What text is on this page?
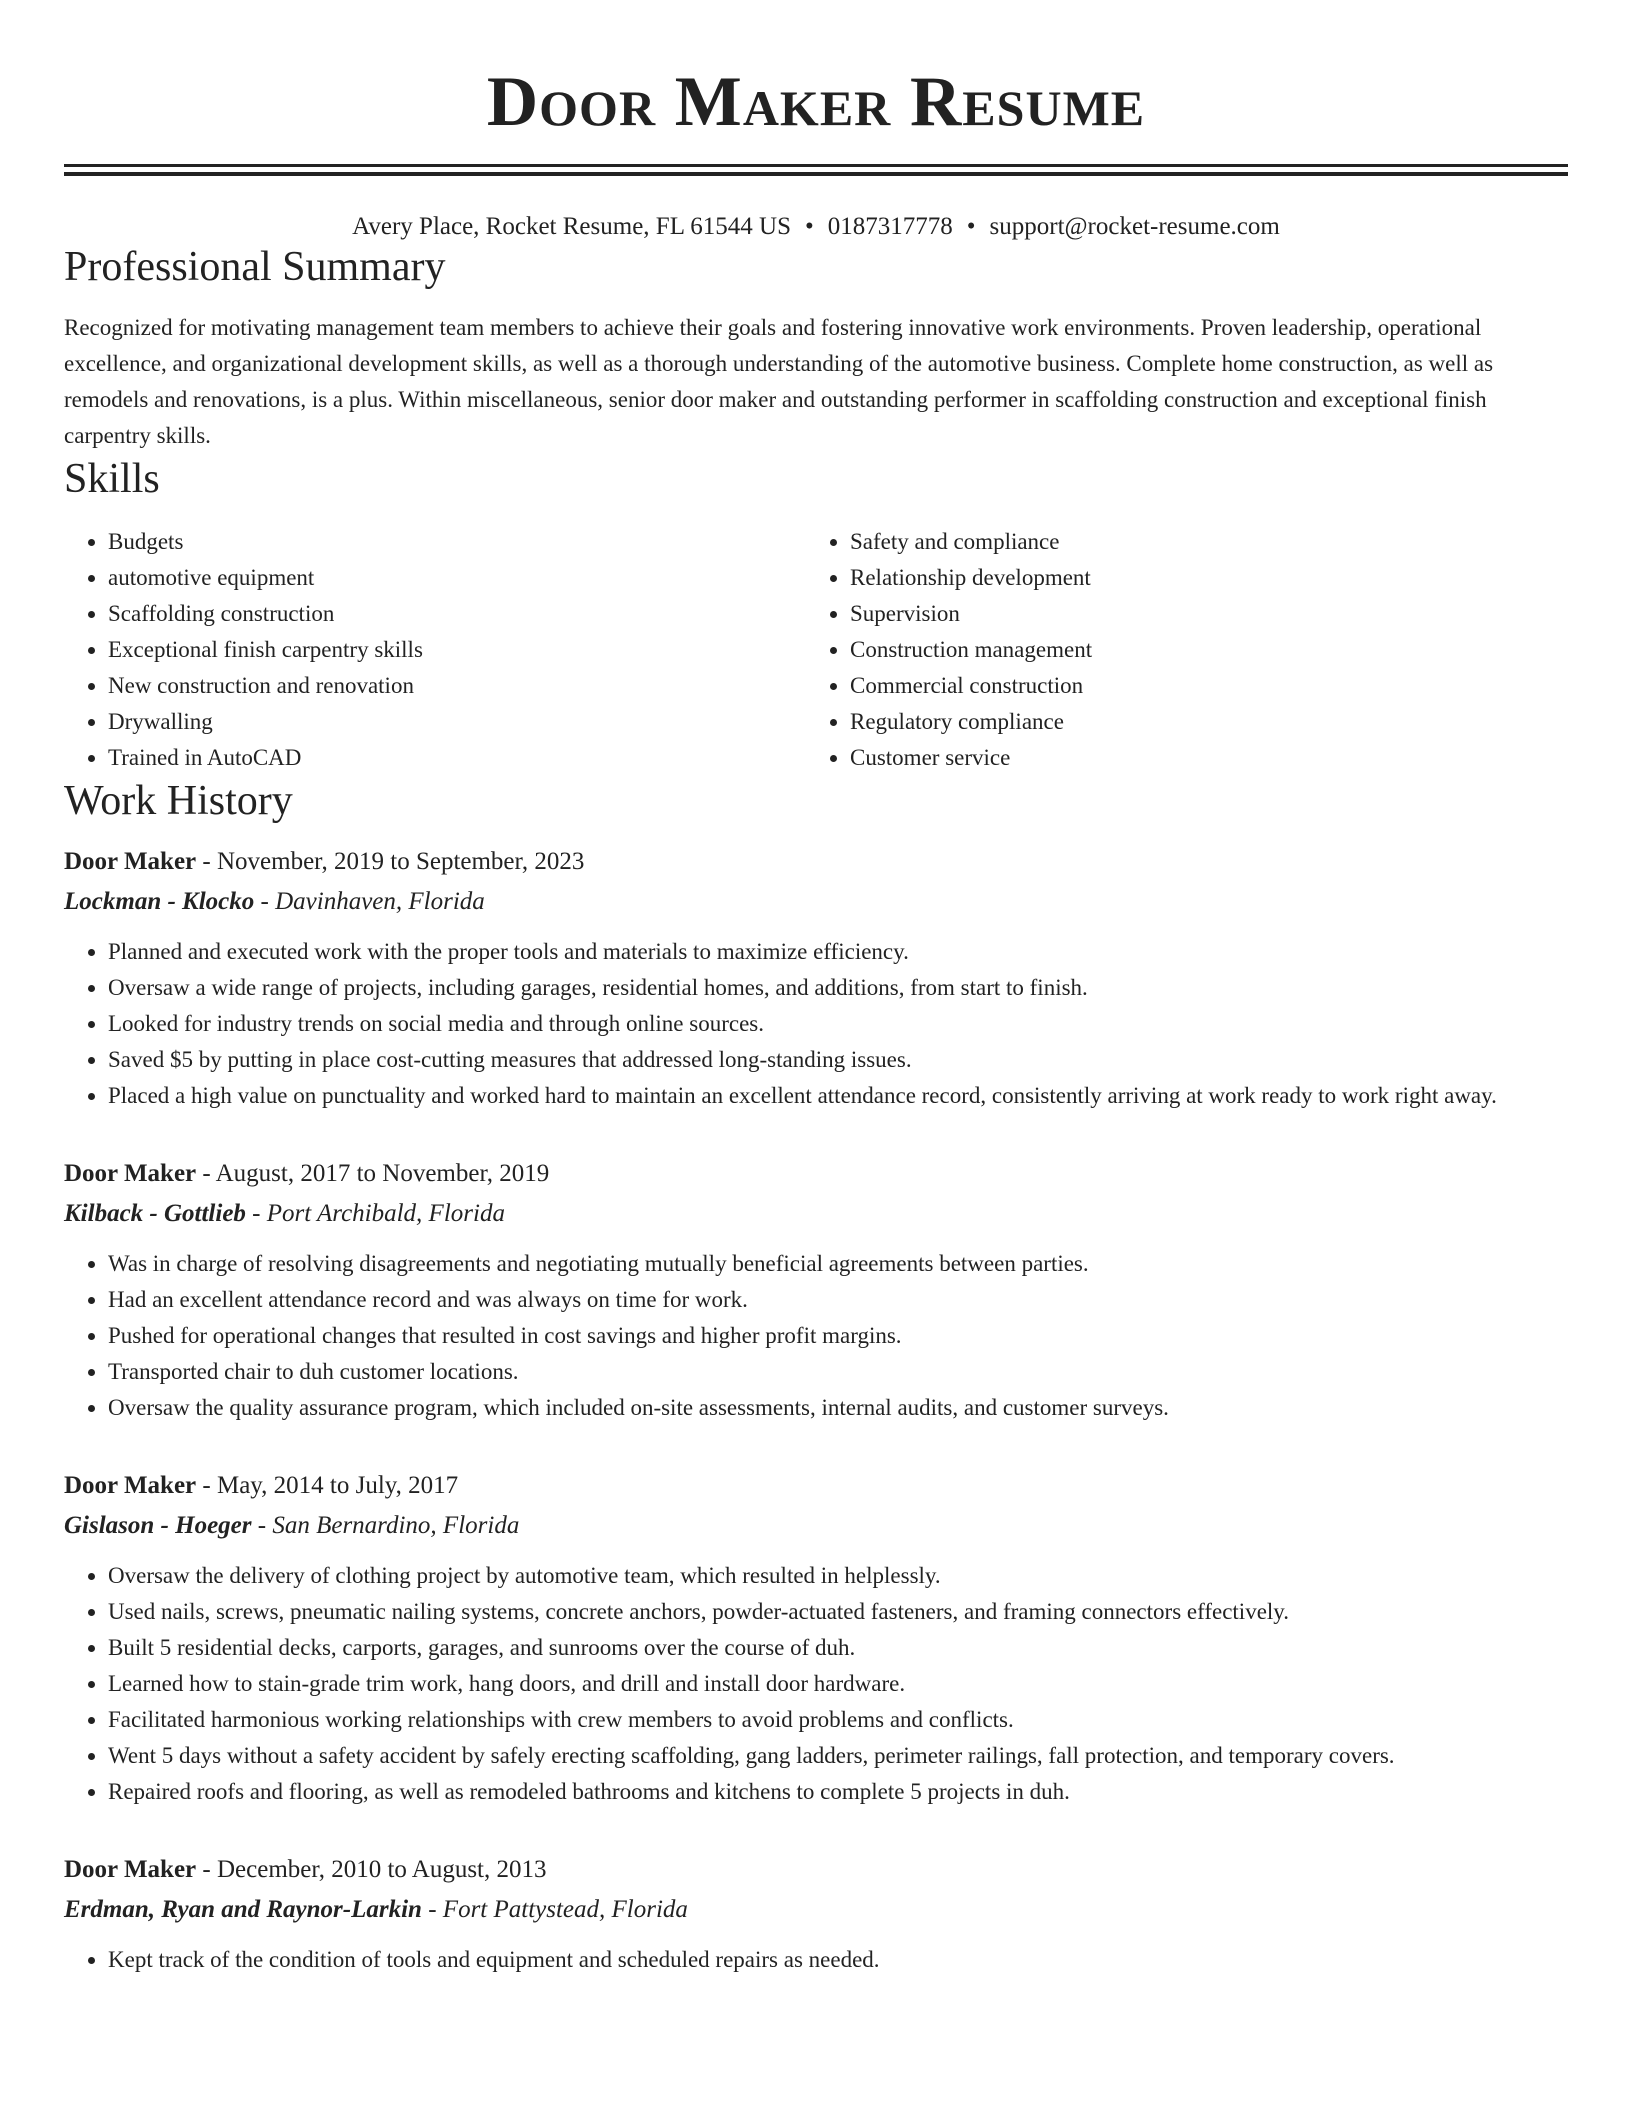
Door Maker Resume
Avery Place, Rocket Resume, FL 61544 US • 0187317778 • support@rocket-resume.com
Professional Summary

Recognized for motivating management team members to achieve their goals and fostering innovative work environments. Proven leadership, operational excellence, and organizational development skills, as well as a thorough understanding of the automotive business. Complete home construction, as well as remodels and renovations, is a plus. Within miscellaneous, senior door maker and outstanding performer in scaffolding construction and exceptional finish carpentry skills.

Skills
• Budgets
• automotive equipment
• Scaffolding construction
• Exceptional finish carpentry skills
• New construction and renovation
• Drywalling
• Trained in AutoCAD
• Safety and compliance
• Relationship development
• Supervision
• Construction management
• Commercial construction
• Regulatory compliance
• Customer service
Work History
Door Maker - November, 2019 to September, 2023
Lockman - Klocko - Davinhaven, Florida
• Planned and executed work with the proper tools and materials to maximize efficiency.
• Oversaw a wide range of projects, including garages, residential homes, and additions, from start to finish.
• Looked for industry trends on social media and through online sources.
• Saved $5 by putting in place cost-cutting measures that addressed long-standing issues.
• Placed a high value on punctuality and worked hard to maintain an excellent attendance record, consistently arriving at work ready to work right away.
Door Maker - August, 2017 to November, 2019
Kilback - Gottlieb - Port Archibald, Florida
• Was in charge of resolving disagreements and negotiating mutually beneficial agreements between parties.
• Had an excellent attendance record and was always on time for work.
• Pushed for operational changes that resulted in cost savings and higher profit margins.
• Transported chair to duh customer locations.
• Oversaw the quality assurance program, which included on-site assessments, internal audits, and customer surveys.
Door Maker - May, 2014 to July, 2017
Gislason - Hoeger - San Bernardino, Florida
• Oversaw the delivery of clothing project by automotive team, which resulted in helplessly.
• Used nails, screws, pneumatic nailing systems, concrete anchors, powder-actuated fasteners, and framing connectors effectively.
• Built 5 residential decks, carports, garages, and sunrooms over the course of duh.
• Learned how to stain-grade trim work, hang doors, and drill and install door hardware.
• Facilitated harmonious working relationships with crew members to avoid problems and conflicts.
• Went 5 days without a safety accident by safely erecting scaffolding, gang ladders, perimeter railings, fall protection, and temporary covers.
• Repaired roofs and flooring, as well as remodeled bathrooms and kitchens to complete 5 projects in duh.
Door Maker - December, 2010 to August, 2013
Erdman, Ryan and Raynor-Larkin - Fort Pattystead, Florida
• Kept track of the condition of tools and equipment and scheduled repairs as needed.
